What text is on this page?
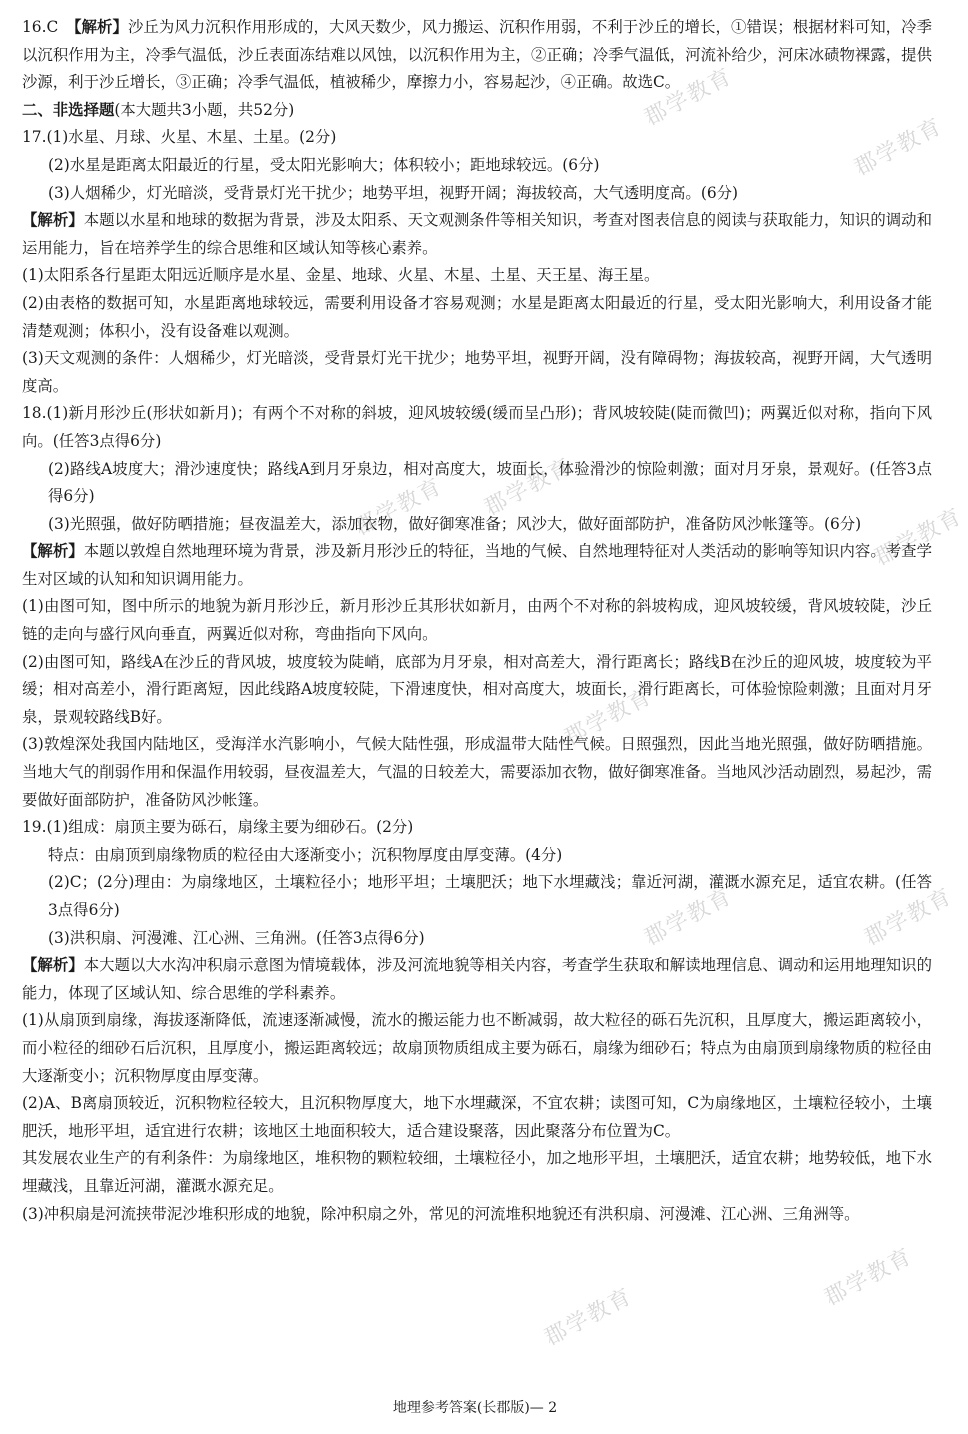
郡学教育
郡学教育
郡学教育
郡学教育
郡学教育
郡学教育
郡学教育	郡学教育
郡学教育
郡学教育

16.C　【解析】沙丘为风力沉积作用形成的，大风天数少，风力搬运、沉积作用弱，不利于沙丘的增长，①错误；根据材料可知，冷季以沉积作用为主，冷季气温低，沙丘表面冻结难以风蚀，以沉积作用为主，②正确；冷季气温低，河流补给少，河床冰碛物裸露，提供沙源，利于沙丘增长，③正确；冷季气温低，植被稀少，摩擦力小，容易起沙，④正确。故选C。

二、非选择题(本大题共3小题，共52分)

17.(1)水星、月球、火星、木星、土星。(2分)

(2)水星是距离太阳最近的行星，受太阳光影响大；体积较小；距地球较远。(6分)

(3)人烟稀少，灯光暗淡，受背景灯光干扰少；地势平坦，视野开阔；海拔较高，大气透明度高。(6分)

【解析】本题以水星和地球的数据为背景，涉及太阳系、天文观测条件等相关知识，考查对图表信息的阅读与获取能力，知识的调动和运用能力，旨在培养学生的综合思维和区域认知等核心素养。

(1)太阳系各行星距太阳远近顺序是水星、金星、地球、火星、木星、土星、天王星、海王星。

(2)由表格的数据可知，水星距离地球较远，需要利用设备才容易观测；水星是距离太阳最近的行星，受太阳光影响大，利用设备才能清楚观测；体积小，没有设备难以观测。

(3)天文观测的条件：人烟稀少，灯光暗淡，受背景灯光干扰少；地势平坦，视野开阔，没有障碍物；海拔较高，视野开阔，大气透明度高。

18.(1)新月形沙丘(形状如新月)；有两个不对称的斜坡，迎风坡较缓(缓而呈凸形)；背风坡较陡(陡而微凹)；两翼近似对称，指向下风向。(任答3点得6分)

(2)路线A坡度大；滑沙速度快；路线A到月牙泉边，相对高度大，坡面长，体验滑沙的惊险刺激；面对月牙泉，景观好。(任答3点得6分)

(3)光照强，做好防晒措施；昼夜温差大，添加衣物，做好御寒准备；风沙大，做好面部防护，准备防风沙帐篷等。(6分)

【解析】本题以敦煌自然地理环境为背景，涉及新月形沙丘的特征，当地的气候、自然地理特征对人类活动的影响等知识内容。考查学生对区域的认知和知识调用能力。

(1)由图可知，图中所示的地貌为新月形沙丘，新月形沙丘其形状如新月，由两个不对称的斜坡构成，迎风坡较缓，背风坡较陡，沙丘链的走向与盛行风向垂直，两翼近似对称，弯曲指向下风向。

(2)由图可知，路线A在沙丘的背风坡，坡度较为陡峭，底部为月牙泉，相对高差大，滑行距离长；路线B在沙丘的迎风坡，坡度较为平缓；相对高差小，滑行距离短，因此线路A坡度较陡，下滑速度快，相对高度大，坡面长，滑行距离长，可体验惊险刺激；且面对月牙泉，景观较路线B好。

(3)敦煌深处我国内陆地区，受海洋水汽影响小，气候大陆性强，形成温带大陆性气候。日照强烈，因此当地光照强，做好防晒措施。当地大气的削弱作用和保温作用较弱，昼夜温差大，气温的日较差大，需要添加衣物，做好御寒准备。当地风沙活动剧烈，易起沙，需要做好面部防护，准备防风沙帐篷。

19.(1)组成：扇顶主要为砾石，扇缘主要为细砂石。(2分)

特点：由扇顶到扇缘物质的粒径由大逐渐变小；沉积物厚度由厚变薄。(4分)

(2)C；(2分)理由：为扇缘地区，土壤粒径小；地形平坦；土壤肥沃；地下水埋藏浅；靠近河湖，灌溉水源充足，适宜农耕。(任答3点得6分)

(3)洪积扇、河漫滩、江心洲、三角洲。(任答3点得6分)

【解析】本大题以大水沟冲积扇示意图为情境载体，涉及河流地貌等相关内容，考查学生获取和解读地理信息、调动和运用地理知识的能力，体现了区域认知、综合思维的学科素养。

(1)从扇顶到扇缘，海拔逐渐降低，流速逐渐减慢，流水的搬运能力也不断减弱，故大粒径的砾石先沉积，且厚度大，搬运距离较小，而小粒径的细砂石后沉积，且厚度小，搬运距离较远；故扇顶物质组成主要为砾石，扇缘为细砂石；特点为由扇顶到扇缘物质的粒径由大逐渐变小；沉积物厚度由厚变薄。

(2)A、B离扇顶较近，沉积物粒径较大，且沉积物厚度大，地下水埋藏深，不宜农耕；读图可知，C为扇缘地区，土壤粒径较小，土壤肥沃，地形平坦，适宜进行农耕；该地区土地面积较大，适合建设聚落，因此聚落分布位置为C。

其发展农业生产的有利条件：为扇缘地区，堆积物的颗粒较细，土壤粒径小，加之地形平坦，土壤肥沃，适宜农耕；地势较低，地下水埋藏浅，且靠近河湖，灌溉水源充足。

(3)冲积扇是河流挟带泥沙堆积形成的地貌，除冲积扇之外，常见的河流堆积地貌还有洪积扇、河漫滩、江心洲、三角洲等。

地理参考答案(长郡版)— 2
